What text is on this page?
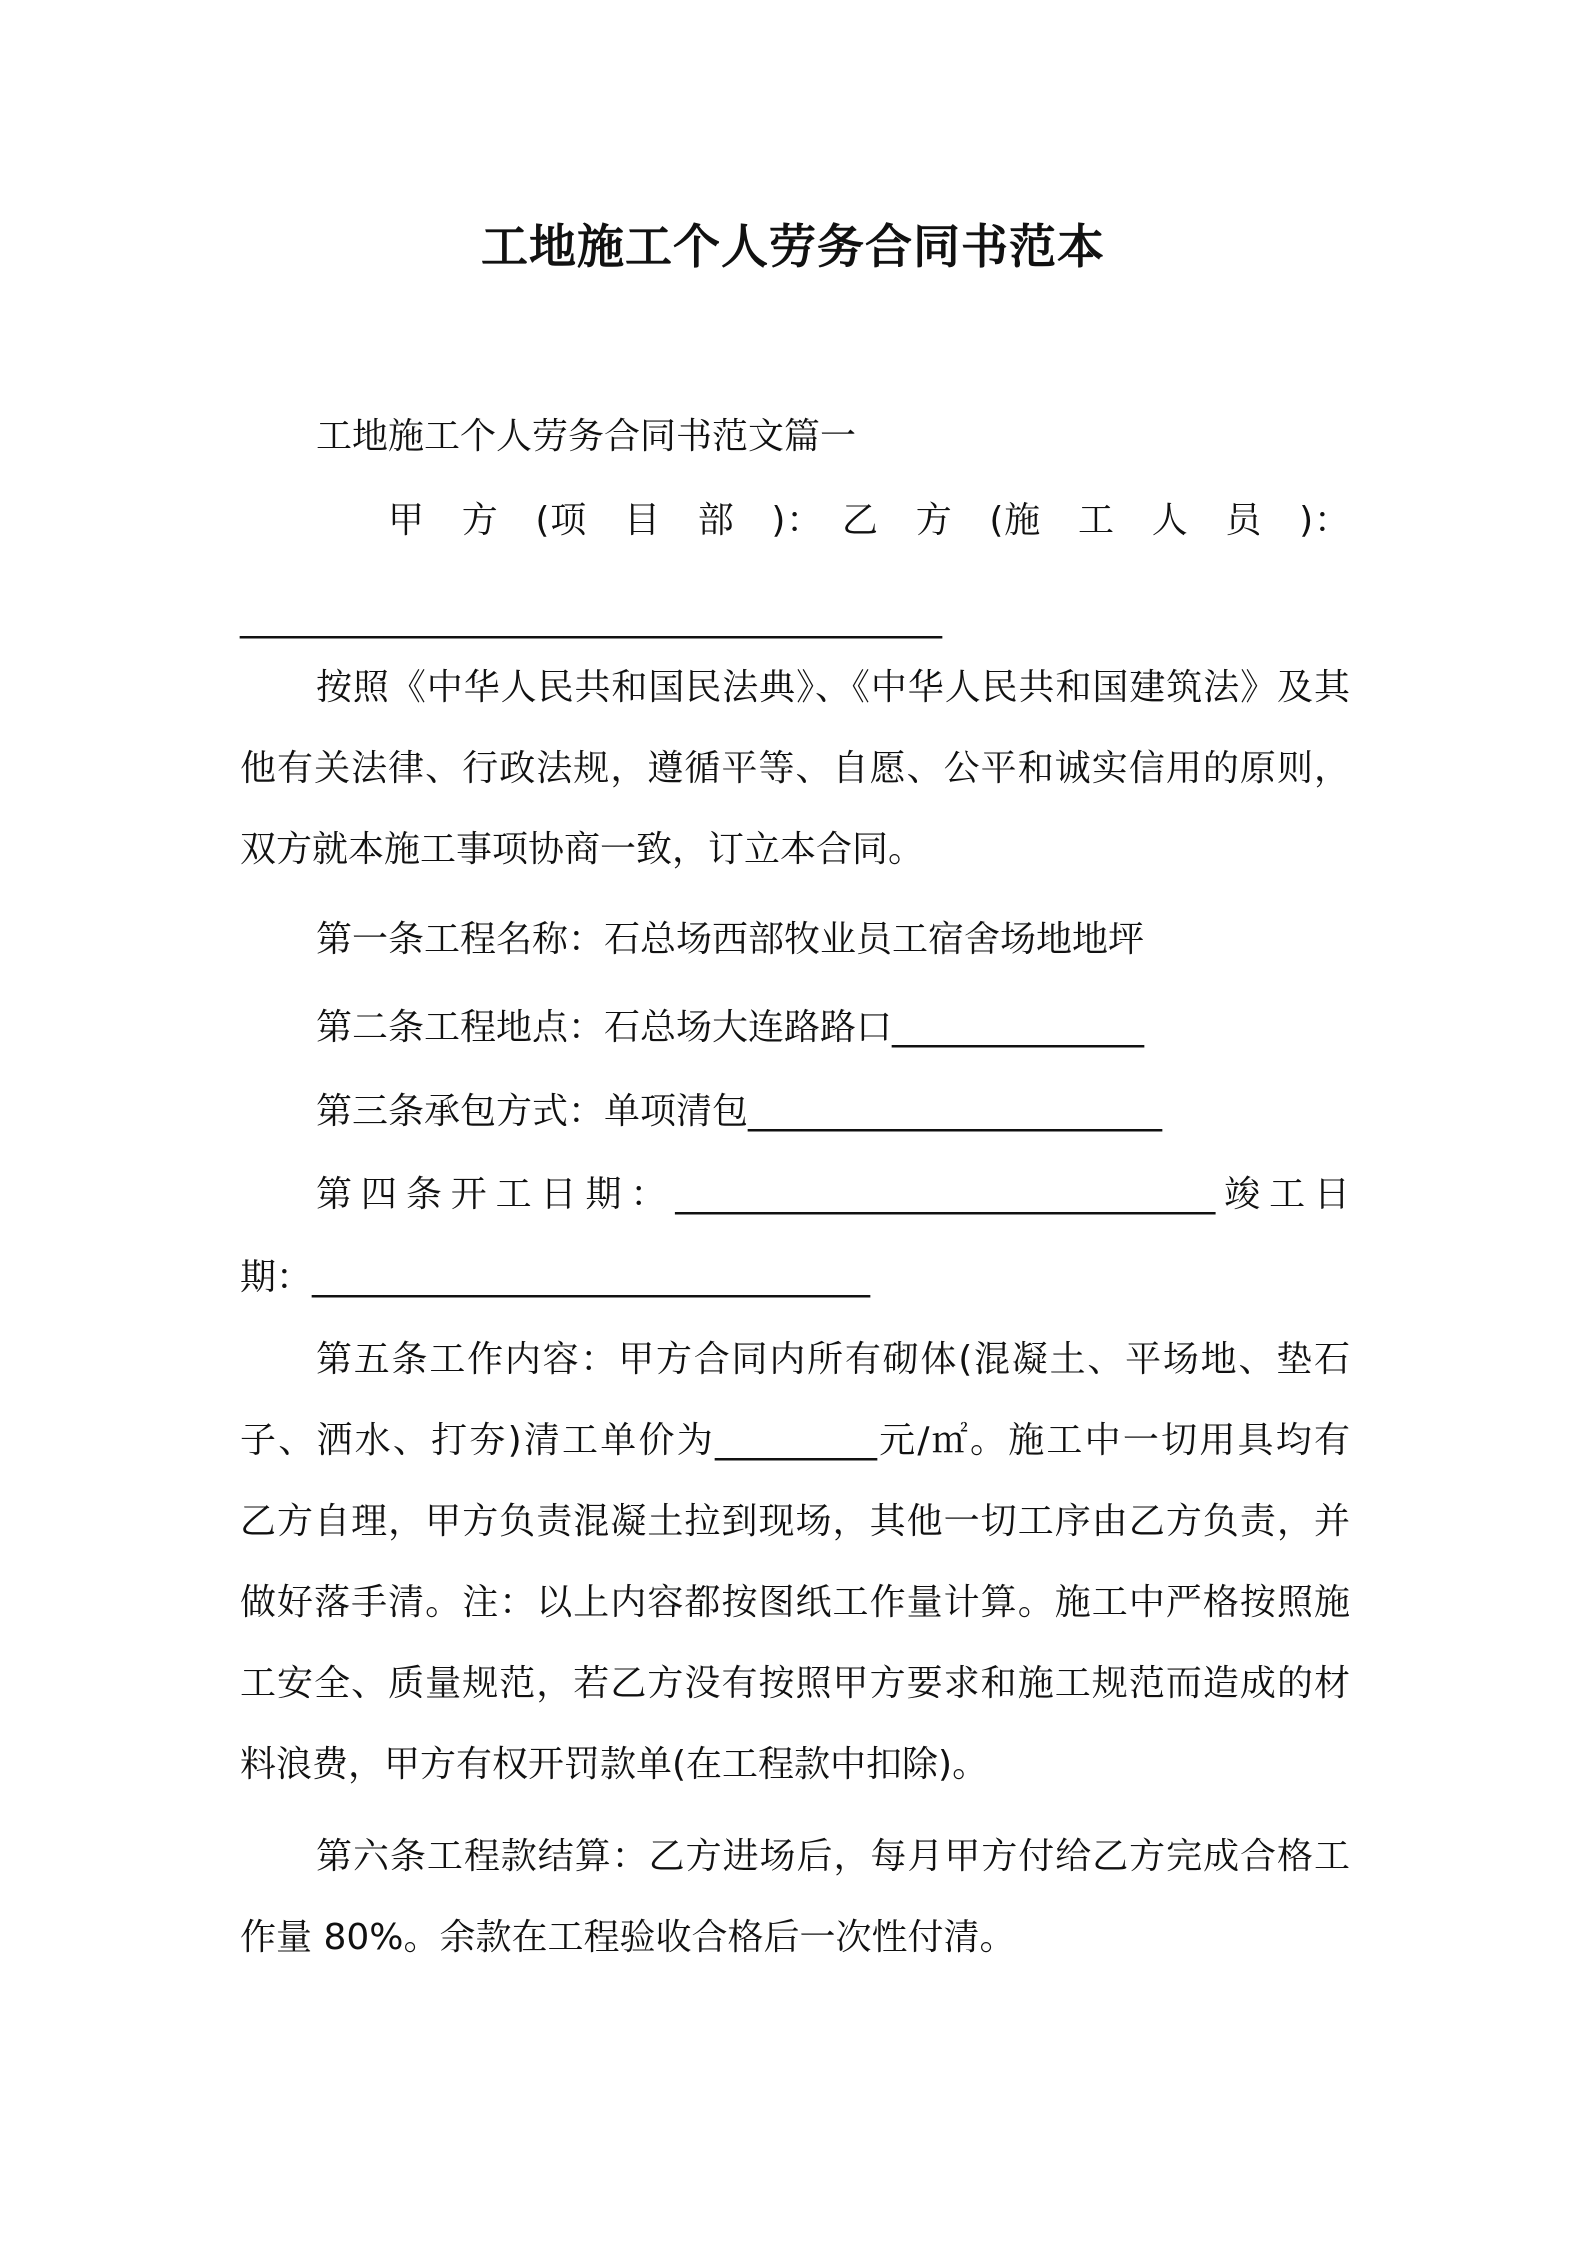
工地施工个人劳务合同书范本
工地施工个人劳务合同书范文篇一
甲　方　(项　目　部　)：　乙　方　(施　工　人　员　)：
_______________________________________
按照《中华人民共和国民法典》、《中华人民共和国建筑法》及其
他有关法律、行政法规，遵循平等、自愿、公平和诚实信用的原则，
双方就本施工事项协商一致，订立本合同。
第一条工程名称：石总场西部牧业员工宿舍场地地坪
第二条工程地点：石总场大连路路口______________
第三条承包方式：单项清包_______________________
第四条开工日期：______________________________竣工日
期：_______________________________
第五条工作内容：甲方合同内所有砌体(混凝土、平场地、垫石
子、洒水、打夯)清工单价为_________元/㎡。施工中一切用具均有
乙方自理，甲方负责混凝土拉到现场，其他一切工序由乙方负责，并
做好落手清。注：以上内容都按图纸工作量计算。施工中严格按照施
工安全、质量规范，若乙方没有按照甲方要求和施工规范而造成的材
料浪费，甲方有权开罚款单(在工程款中扣除)。
第六条工程款结算：乙方进场后，每月甲方付给乙方完成合格工
作量 80%。余款在工程验收合格后一次性付清。
